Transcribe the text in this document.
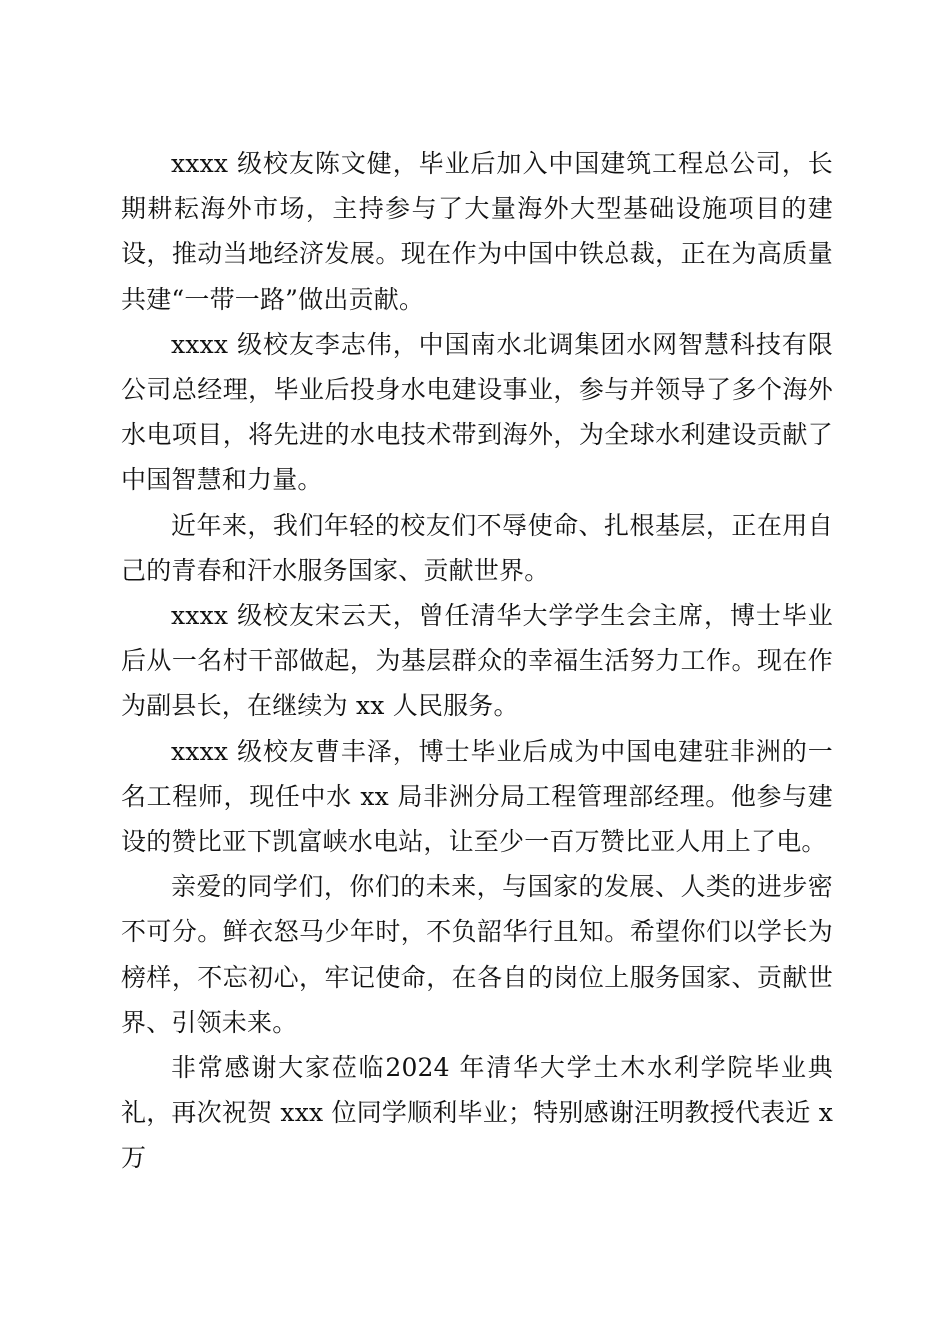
xxxx 级校友陈文健，毕业后加入中国建筑工程总公司，长期耕耘海外市场，主持参与了大量海外大型基础设施项目的建设，推动当地经济发展。现在作为中国中铁总裁，正在为高质量共建“一带一路”做出贡献。

xxxx 级校友李志伟，中国南水北调集团水网智慧科技有限公司总经理，毕业后投身水电建设事业，参与并领导了多个海外水电项目，将先进的水电技术带到海外，为全球水利建设贡献了中国智慧和力量。

近年来，我们年轻的校友们不辱使命、扎根基层，正在用自己的青春和汗水服务国家、贡献世界。

xxxx 级校友宋云天，曾任清华大学学生会主席，博士毕业后从一名村干部做起，为基层群众的幸福生活努力工作。现在作为副县长，在继续为 xx 人民服务。

xxxx 级校友曹丰泽，博士毕业后成为中国电建驻非洲的一名工程师，现任中水 xx 局非洲分局工程管理部经理。他参与建设的赞比亚下凯富峡水电站，让至少一百万赞比亚人用上了电。

亲爱的同学们，你们的未来，与国家的发展、人类的进步密不可分。鲜衣怒马少年时，不负韶华行且知。希望你们以学长为榜样，不忘初心，牢记使命，在各自的岗位上服务国家、贡献世界、引领未来。

非常感谢大家莅临2024 年清华大学土木水利学院毕业典礼，再次祝贺 xxx 位同学顺利毕业；特别感谢汪明教授代表近 x 万
